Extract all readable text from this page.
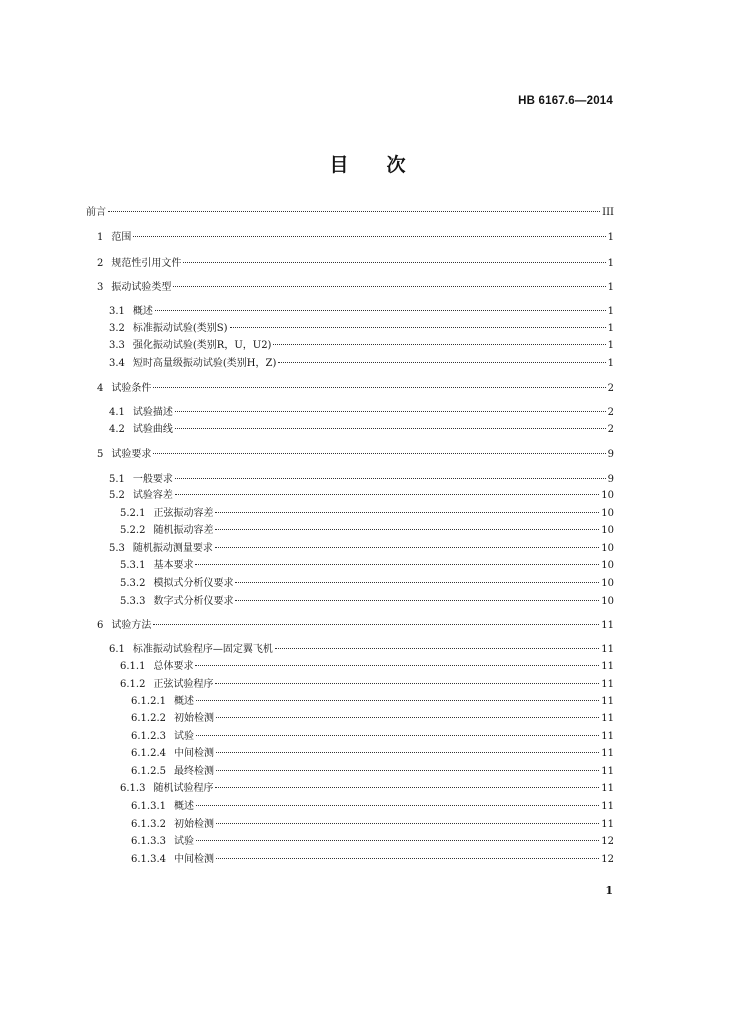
HB 6167.6—2014
目 次
前言	III
1 范围	1
2 规范性引用文件	1
3 振动试验类型	1
3.1 概述	1
3.2 标准振动试验(类别S)	1
3.3 强化振动试验(类别R，U，U2)	1
3.4 短时高量级振动试验(类别H，Z)	1
4 试验条件	2
4.1 试验描述	2
4.2 试验曲线	2
5 试验要求	9
5.1 一般要求	9
5.2 试验容差	10
5.2.1 正弦振动容差	10
5.2.2 随机振动容差	10
5.3 随机振动测量要求	10
5.3.1 基本要求	10
5.3.2 模拟式分析仪要求	10
5.3.3 数字式分析仪要求	10
6 试验方法	11
6.1 标准振动试验程序—固定翼飞机	11
6.1.1 总体要求	11
6.1.2 正弦试验程序	11
6.1.2.1 概述	11
6.1.2.2 初始检测	11
6.1.2.3 试验	11
6.1.2.4 中间检测	11
6.1.2.5 最终检测	11
6.1.3 随机试验程序	11
6.1.3.1 概述	11
6.1.3.2 初始检测	11
6.1.3.3 试验	12
6.1.3.4 中间检测	12
1
